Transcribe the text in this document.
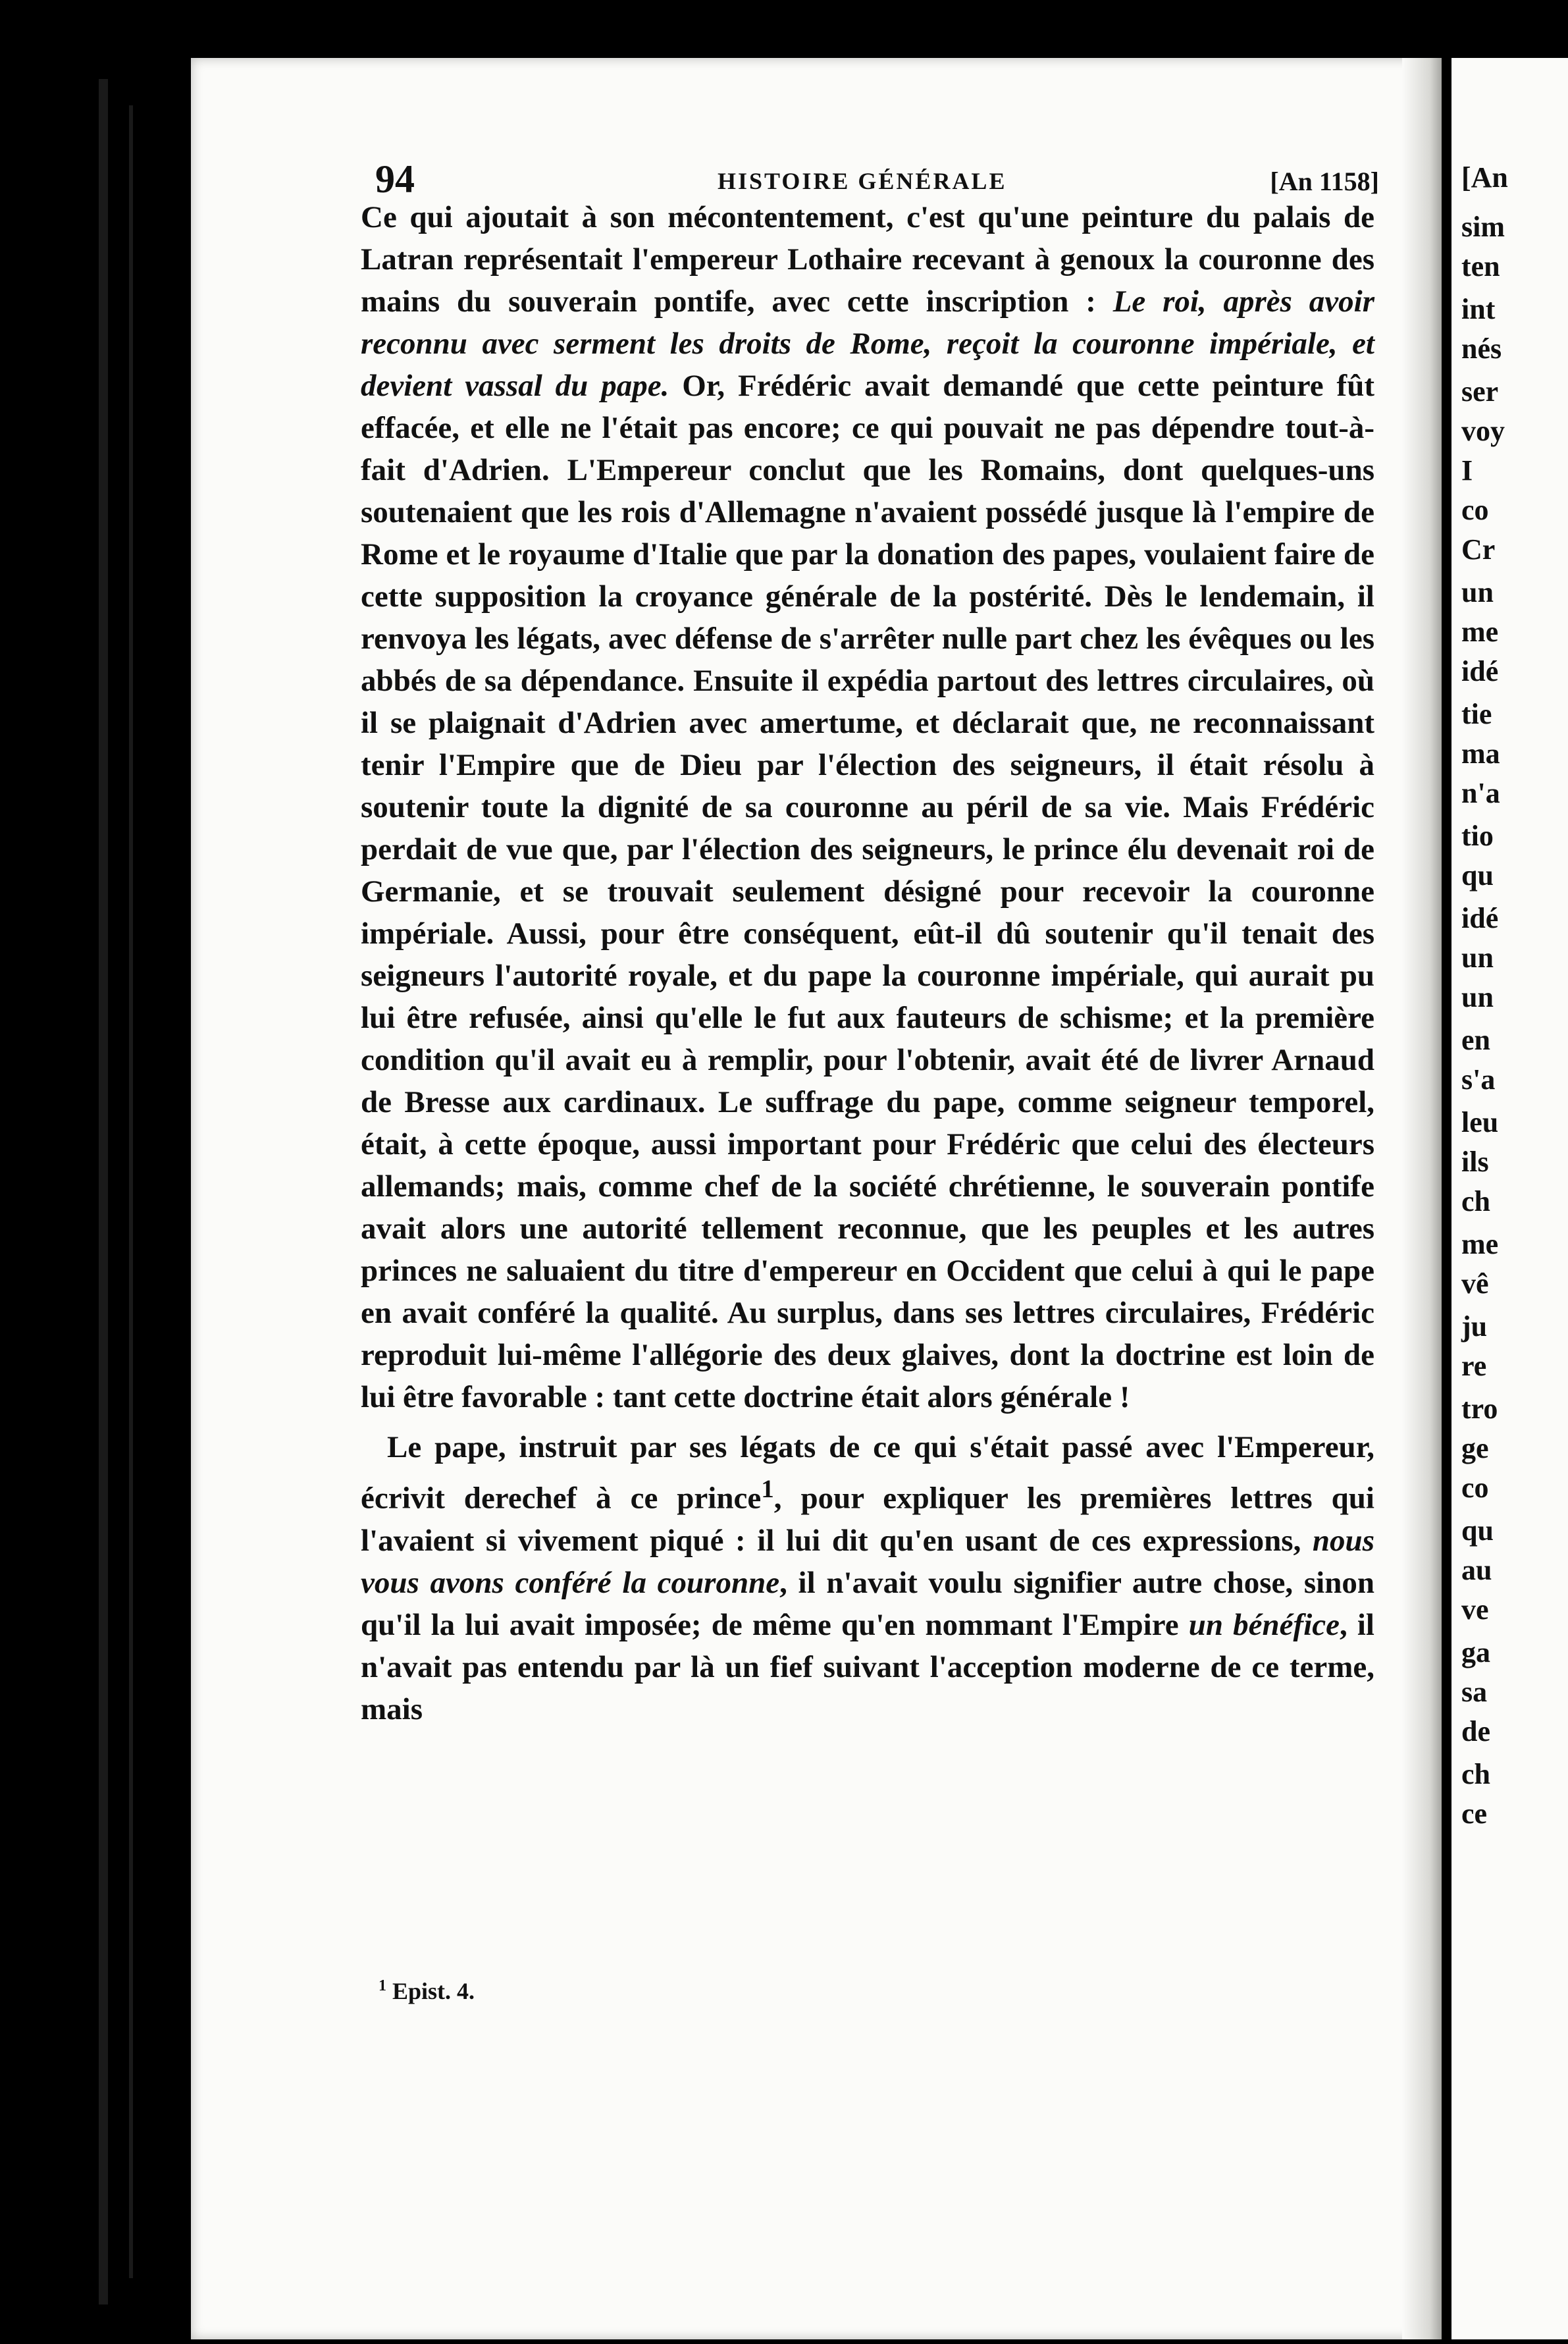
94	HISTOIRE GÉNÉRALE	[An 1158]

Ce qui ajoutait à son mécontentement, c'est qu'une peinture du palais de Latran représentait l'empereur Lothaire recevant à genoux la couronne des mains du souverain pontife, avec cette inscription : Le roi, après avoir reconnu avec serment les droits de Rome, reçoit la couronne impériale, et devient vassal du pape. Or, Frédéric avait demandé que cette peinture fût effacée, et elle ne l'était pas encore; ce qui pouvait ne pas dépendre tout-à-fait d'Adrien. L'Empereur conclut que les Romains, dont quelques-uns soutenaient que les rois d'Allemagne n'avaient possédé jusque là l'empire de Rome et le royaume d'Italie que par la donation des papes, voulaient faire de cette supposition la croyance générale de la postérité. Dès le lendemain, il renvoya les légats, avec défense de s'arrêter nulle part chez les évêques ou les abbés de sa dépendance. Ensuite il expédia partout des lettres circulaires, où il se plaignait d'Adrien avec amertume, et déclarait que, ne reconnaissant tenir l'Empire que de Dieu par l'élection des seigneurs, il était résolu à soutenir toute la dignité de sa couronne au péril de sa vie. Mais Frédéric perdait de vue que, par l'élection des seigneurs, le prince élu devenait roi de Germanie, et se trouvait seulement désigné pour recevoir la couronne impériale. Aussi, pour être conséquent, eût-il dû soutenir qu'il tenait des seigneurs l'autorité royale, et du pape la couronne impériale, qui aurait pu lui être refusée, ainsi qu'elle le fut aux fauteurs de schisme; et la première condition qu'il avait eu à remplir, pour l'obtenir, avait été de livrer Arnaud de Bresse aux cardinaux. Le suffrage du pape, comme seigneur temporel, était, à cette époque, aussi important pour Frédéric que celui des électeurs allemands; mais, comme chef de la société chrétienne, le souverain pontife avait alors une autorité tellement reconnue, que les peuples et les autres princes ne saluaient du titre d'empereur en Occident que celui à qui le pape en avait conféré la qualité. Au surplus, dans ses lettres circulaires, Frédéric reproduit lui-même l'allégorie des deux glaives, dont la doctrine est loin de lui être favorable : tant cette doctrine était alors générale !

Le pape, instruit par ses légats de ce qui s'était passé avec l'Empereur, écrivit derechef à ce prince$^1$, pour expliquer les premières lettres qui l'avaient si vivement piqué : il lui dit qu'en usant de ces expressions, nous vous avons conféré la couronne, il n'avait voulu signifier autre chose, sinon qu'il la lui avait imposée; de même qu'en nommant l'Empire un bénéfice, il n'avait pas entendu par là un fief suivant l'acception moderne de ce terme, mais

$^1$ Epist. 4.
[An
sim
ten
int
nés
ser
voy
I
co
Cr
un
me
idé
tie
ma
n'a
tio
qu
idé
un
un
en
s'a
leu
ils
ch
me
vê
ju
re
tro
ge
co
qu
au
ve
ga
sa
de
ch
ce
